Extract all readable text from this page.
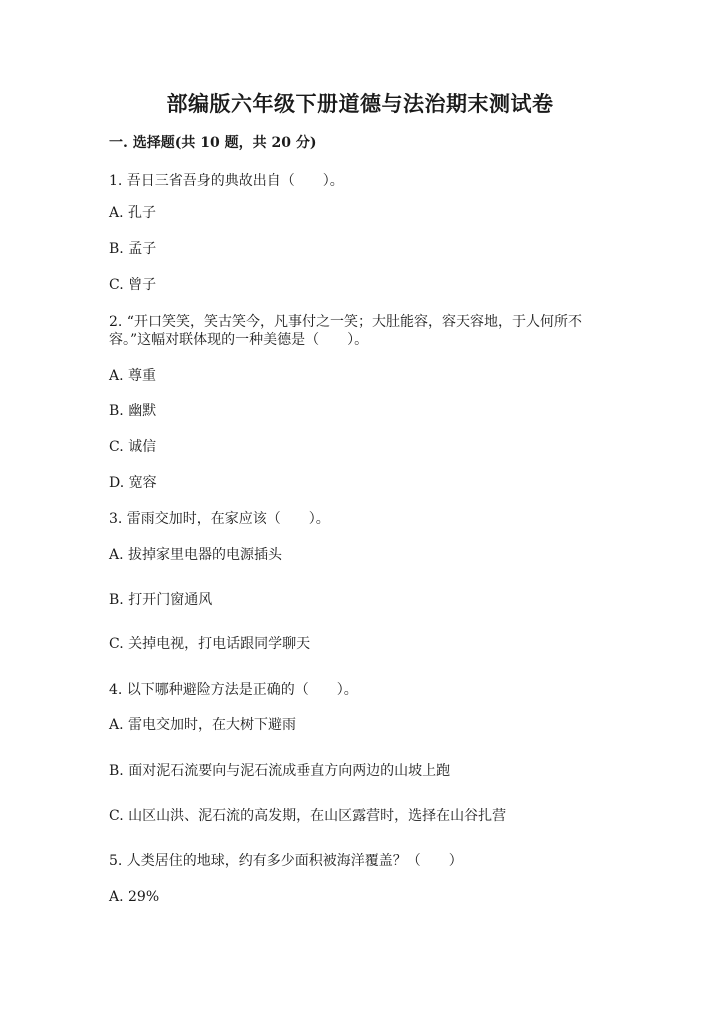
部编版六年级下册道德与法治期末测试卷
一. 选择题(共 10 题，共 20 分)
1. 吾日三省吾身的典故出自（　　）。
A. 孔子
B. 孟子
C. 曾子
2. “开口笑笑，笑古笑今，凡事付之一笑；大肚能容，容天容地，于人何所不
容。”这幅对联体现的一种美德是（　　）。
A. 尊重
B. 幽默
C. 诚信
D. 宽容
3. 雷雨交加时，在家应该（　　）。
A. 拔掉家里电器的电源插头
B. 打开门窗通风
C. 关掉电视，打电话跟同学聊天
4. 以下哪种避险方法是正确的（　　）。
A. 雷电交加时，在大树下避雨
B. 面对泥石流要向与泥石流成垂直方向两边的山坡上跑
C. 山区山洪、泥石流的高发期，在山区露营时，选择在山谷扎营
5. 人类居住的地球，约有多少面积被海洋覆盖？（　　）
A. 29%
